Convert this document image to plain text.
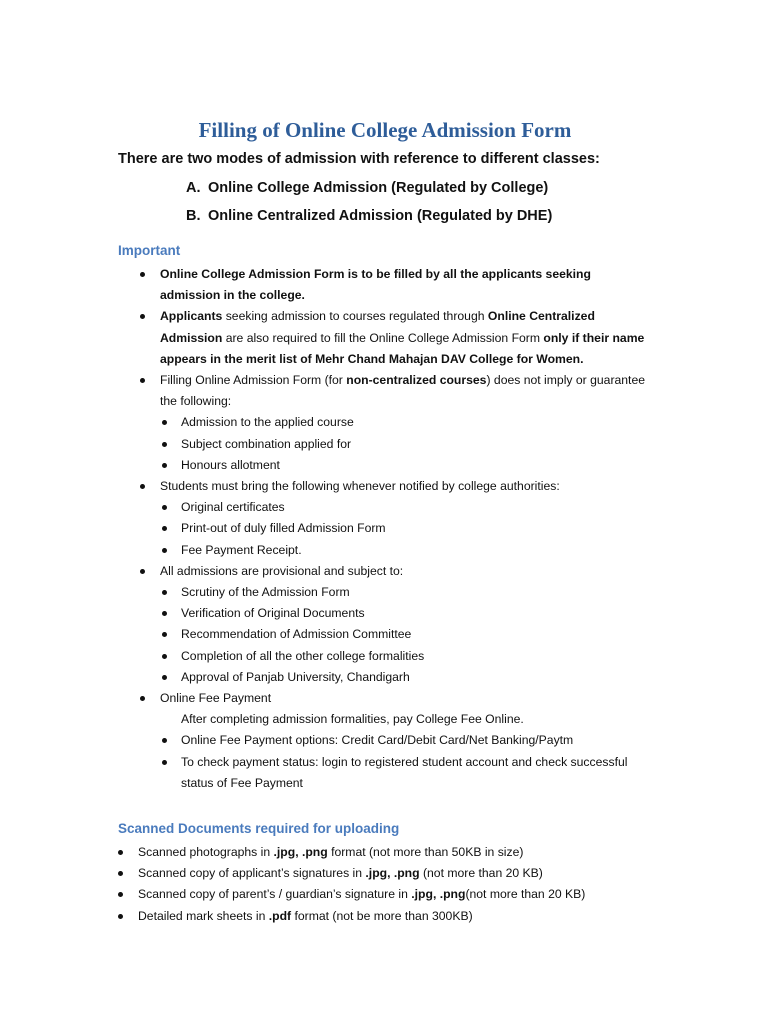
Filling of Online College Admission Form

There are two modes of admission with reference to different classes:

A. Online College Admission (Regulated by College)
B. Online Centralized Admission (Regulated by DHE)
Important
Online College Admission Form is to be filled by all the applicants seeking admission in the college.
Applicants seeking admission to courses regulated through Online Centralized Admission are also required to fill the Online College Admission Form only if their name appears in the merit list of Mehr Chand Mahajan DAV College for Women.
Filling Online Admission Form (for non-centralized courses) does not imply or guarantee the following:
Admission to the applied course
Subject combination applied for
Honours allotment
Students must bring the following whenever notified by college authorities:
Original certificates
Print-out of duly filled Admission Form
Fee Payment Receipt.
All admissions are provisional and subject to:
Scrutiny of the Admission Form
Verification of Original Documents
Recommendation of Admission Committee
Completion of all the other college formalities
Approval of Panjab University, Chandigarh
Online Fee Payment
After completing admission formalities, pay College Fee Online.
Online Fee Payment options: Credit Card/Debit Card/Net Banking/Paytm
To check payment status: login to registered student account and check successful status of Fee Payment
Scanned Documents required for uploading
Scanned photographs in .jpg, .png format (not more than 50KB in size)
Scanned copy of applicant’s signatures in .jpg, .png (not more than 20 KB)
Scanned copy of parent’s / guardian’s signature in .jpg, .png(not more than 20 KB)
Detailed mark sheets in .pdf format (not be more than 300KB)
